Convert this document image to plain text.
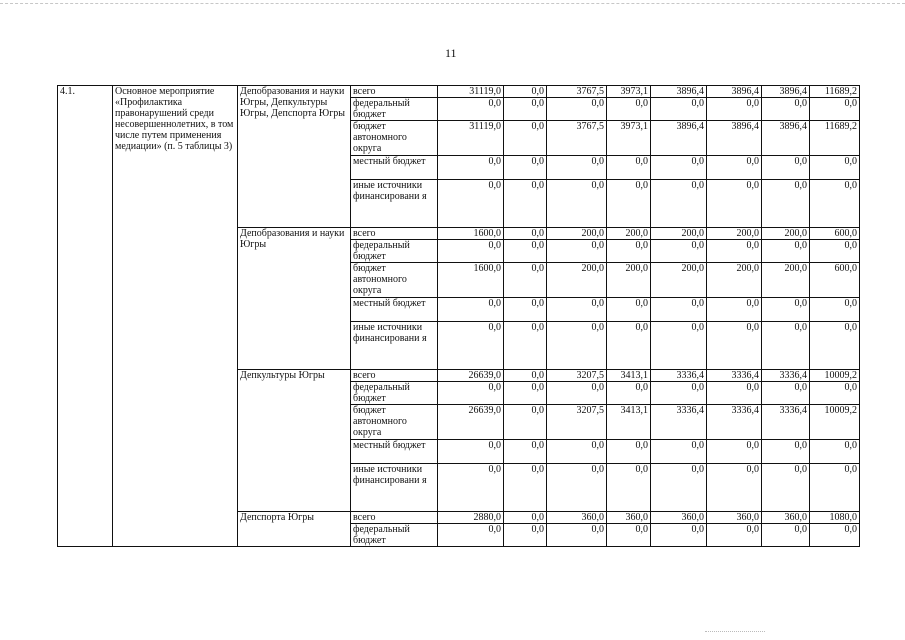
11
4.1.	Основное мероприятие «Профилактика правонарушений среди несовершеннолетних, в том числе путем применения медиации» (п. 5 таблицы 3)	Депобразования и науки Югры, Депкультуры Югры, Депспорта Югры	всего	31119,0	0,0	3767,5	3973,1	3896,4	3896,4	3896,4	11689,2
			федеральный бюджет	0,0	0,0	0,0	0,0	0,0	0,0	0,0	0,0
			бюджет автономного округа	31119,0	0,0	3767,5	3973,1	3896,4	3896,4	3896,4	11689,2
			местный бюджет	0,0	0,0	0,0	0,0	0,0	0,0	0,0	0,0
			иные источники финансировани я	0,0	0,0	0,0	0,0	0,0	0,0	0,0	0,0
		Депобразования и науки Югры	всего	1600,0	0,0	200,0	200,0	200,0	200,0	200,0	600,0
			федеральный бюджет	0,0	0,0	0,0	0,0	0,0	0,0	0,0	0,0
			бюджет автономного округа	1600,0	0,0	200,0	200,0	200,0	200,0	200,0	600,0
			местный бюджет	0,0	0,0	0,0	0,0	0,0	0,0	0,0	0,0
			иные источники финансировани я	0,0	0,0	0,0	0,0	0,0	0,0	0,0	0,0
		Депкультуры Югры	всего	26639,0	0,0	3207,5	3413,1	3336,4	3336,4	3336,4	10009,2
			федеральный бюджет	0,0	0,0	0,0	0,0	0,0	0,0	0,0	0,0
			бюджет автономного округа	26639,0	0,0	3207,5	3413,1	3336,4	3336,4	3336,4	10009,2
			местный бюджет	0,0	0,0	0,0	0,0	0,0	0,0	0,0	0,0
			иные источники финансировани я	0,0	0,0	0,0	0,0	0,0	0,0	0,0	0,0
		Депспорта Югры	всего	2880,0	0,0	360,0	360,0	360,0	360,0	360,0	1080,0
			федеральный бюджет	0,0	0,0	0,0	0,0	0,0	0,0	0,0	0,0
